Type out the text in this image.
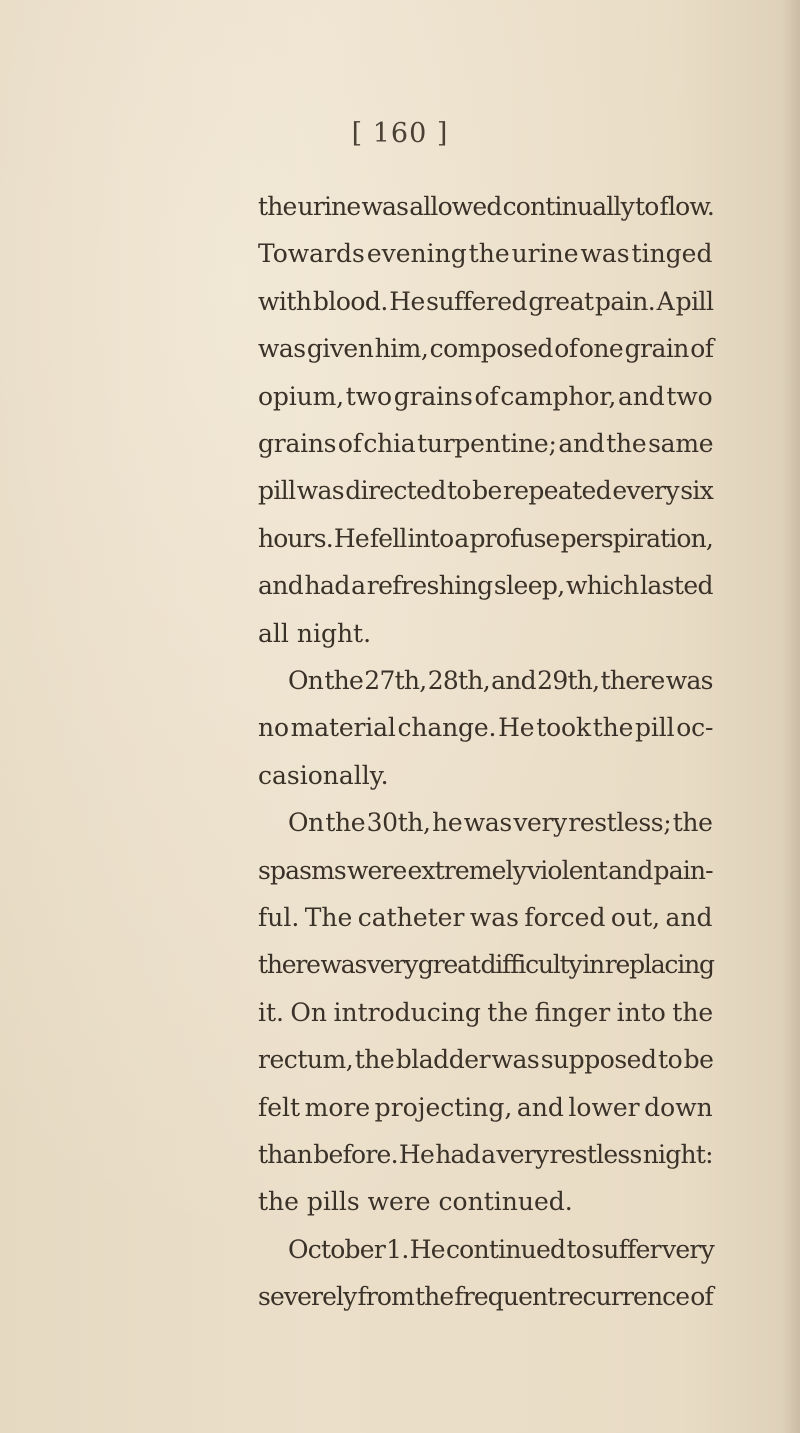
[ 160 ]
the urine was allowed continually to flow.
Towards evening the urine was tinged
with blood. He suffered great pain. A pill
was given him, composed of one grain of
opium, two grains of camphor, and two
grains of chia turpentine; and the same
pill was directed to be repeated every six
hours. He fell into a profuse perspiration,
and had a refreshing sleep, which lasted
all night.
On the 27th, 28th, and 29th, there was
no material change. He took the pill oc-
casionally.
On the 30th, he was very restless; the
spasms were extremely violent and pain-
ful. The catheter was forced out, and
there was very great difficulty in replacing
it. On introducing the finger into the
rectum, the bladder was supposed to be
felt more projecting, and lower down
than before. He had a very restless night:
the pills were continued.
October 1. He continued to suffer very
severely from the frequent recurrence of
